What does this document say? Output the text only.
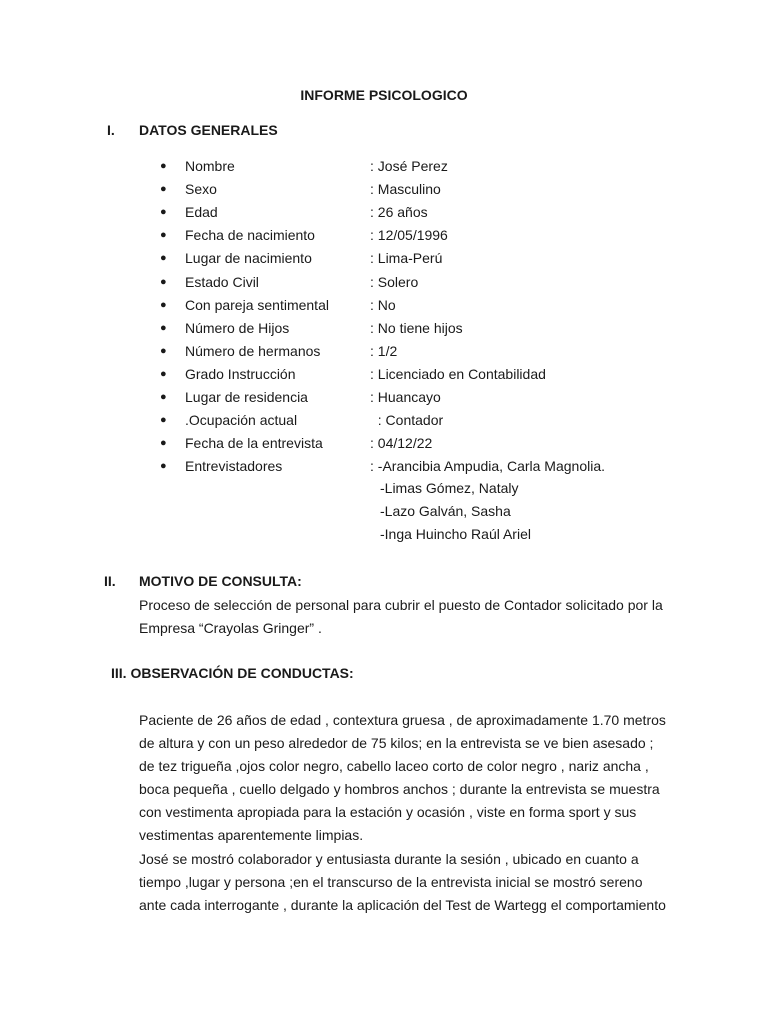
INFORME PSICOLOGICO
I. DATOS GENERALES
● Nombre	: José Perez
● Sexo	: Masculino
● Edad	: 26 años
● Fecha de nacimiento	: 12/05/1996
● Lugar de nacimiento	: Lima-Perú
● Estado Civil	: Solero
● Con pareja sentimental	: No
● Número de Hijos	: No tiene hijos
● Número de hermanos	: 1/2
● Grado Instrucción	: Licenciado en Contabilidad
● Lugar de residencia	: Huancayo
● .Ocupación actual	: Contador
● Fecha de la entrevista	: 04/12/22
● Entrevistadores	: -Arancibia Ampudia, Carla Magnolia.
-Limas Gómez, Nataly
-Lazo Galván, Sasha
-Inga Huincho Raúl Ariel
II. MOTIVO DE CONSULTA:

Proceso de selección de personal para cubrir el puesto de Contador solicitado por la

Empresa “Crayolas Gringer” .

III. OBSERVACIÓN DE CONDUCTAS:

Paciente de 26 años de edad , contextura gruesa , de aproximadamente 1.70 metros

de altura y con un peso alrededor de 75 kilos; en la entrevista se ve bien asesado ;

de tez trigueña ,ojos color negro, cabello laceo corto de color negro , nariz ancha ,

boca pequeña , cuello delgado y hombros anchos ; durante la entrevista se muestra

con vestimenta apropiada para la estación y ocasión , viste en forma sport y sus

vestimentas aparentemente limpias.

José se mostró colaborador y entusiasta durante la sesión , ubicado en cuanto a

tiempo ,lugar y persona ;en el transcurso de la entrevista inicial se mostró sereno

ante cada interrogante , durante la aplicación del Test de Wartegg el comportamiento
